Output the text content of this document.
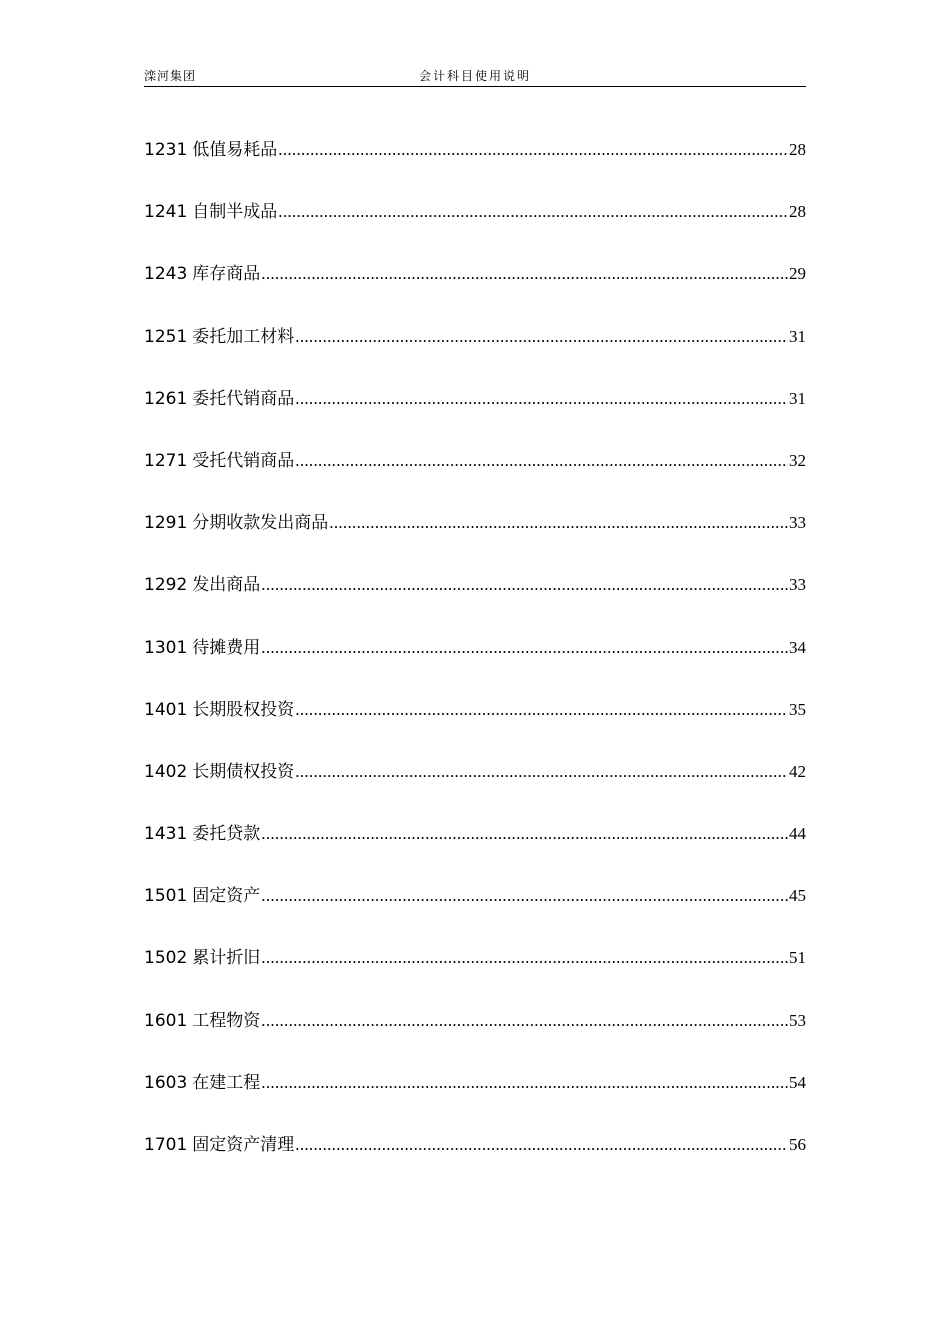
滦河集团	会计科目使用说明
1231 低值易耗品 .....	28
1241 自制半成品 .....	28
1243 库存商品 .....	29
1251 委托加工材料 .....	31
1261 委托代销商品 .....	31
1271 受托代销商品 .....	32
1291 分期收款发出商品 .....	33
1292 发出商品 .....	33
1301 待摊费用 .....	34
1401 长期股权投资 .....	35
1402 长期债权投资 .....	42
1431 委托贷款 .....	44
1501 固定资产 .....	45
1502 累计折旧 .....	51
1601 工程物资 .....	53
1603 在建工程 .....	54
1701 固定资产清理 .....	56
